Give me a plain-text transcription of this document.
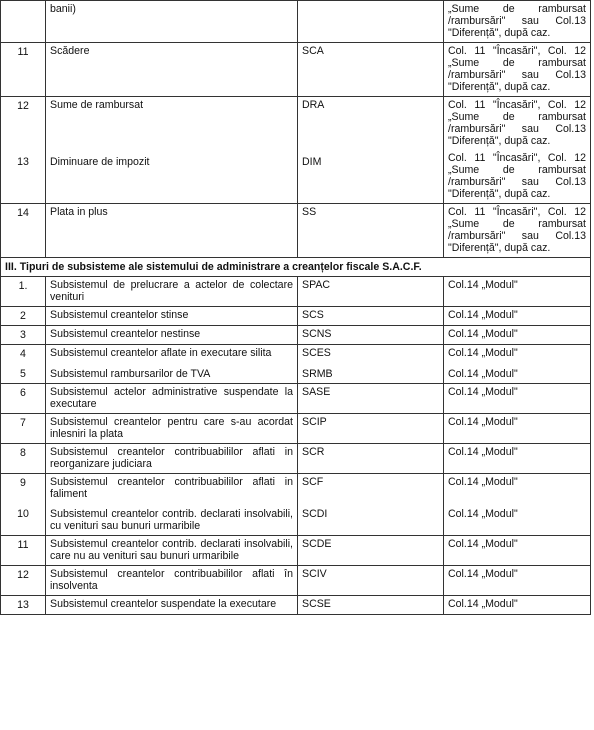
	banii)		„Sume de rambursat /rambursări" sau Col.13 "Diferență", după caz.
11	Scădere	SCA	Col. 11 "Încasări", Col. 12 „Sume de rambursat /rambursări" sau Col.13 "Diferență", după caz.
12	Sume de rambursat	DRA	Col. 11 "Încasări", Col. 12 „Sume de rambursat /rambursări" sau Col.13 "Diferență", după caz.
13	Diminuare de impozit	DIM	Col. 11 "Încasări", Col. 12 „Sume de rambursat /rambursări" sau Col.13 "Diferență", după caz.
14	Plata in plus	SS	Col. 11 "Încasări", Col. 12 „Sume de rambursat /rambursări" sau Col.13 "Diferență", după caz.
III. Tipuri de subsisteme ale sistemului de administrare a creanțelor fiscale S.A.C.F.			
1.	Subsistemul de prelucrare a actelor de colectare venituri	SPAC	Col.14 „Modul"
2	Subsistemul creantelor stinse	SCS	Col.14 „Modul"
3	Subsistemul creantelor nestinse	SCNS	Col.14 „Modul"
4	Subsistemul creantelor aflate in executare silita	SCES	Col.14 „Modul"
5	Subsistemul rambursarilor de TVA	SRMB	Col.14 „Modul"
6	Subsistemul actelor administrative suspendate la executare	SASE	Col.14 „Modul"
7	Subsistemul creantelor pentru care s-au acordat inlesniri la plata	SCIP	Col.14 „Modul"
8	Subsistemul creantelor contribuabililor aflati in reorganizare judiciara	SCR	Col.14 „Modul"
9	Subsistemul creantelor contribuabililor aflati in faliment	SCF	Col.14 „Modul"
10	Subsistemul creantelor contrib. declarati insolvabili, cu venituri sau bunuri urmaribile	SCDI	Col.14 „Modul"
11	Subsistemul creantelor contrib. declarati insolvabili, care nu au venituri sau bunuri urmaribile	SCDE	Col.14 „Modul"
12	Subsistemul creantelor contribuabililor aflati în insolventa	SCIV	Col.14 „Modul"
13	Subsistemul creantelor suspendate la executare	SCSE	Col.14 „Modul"
